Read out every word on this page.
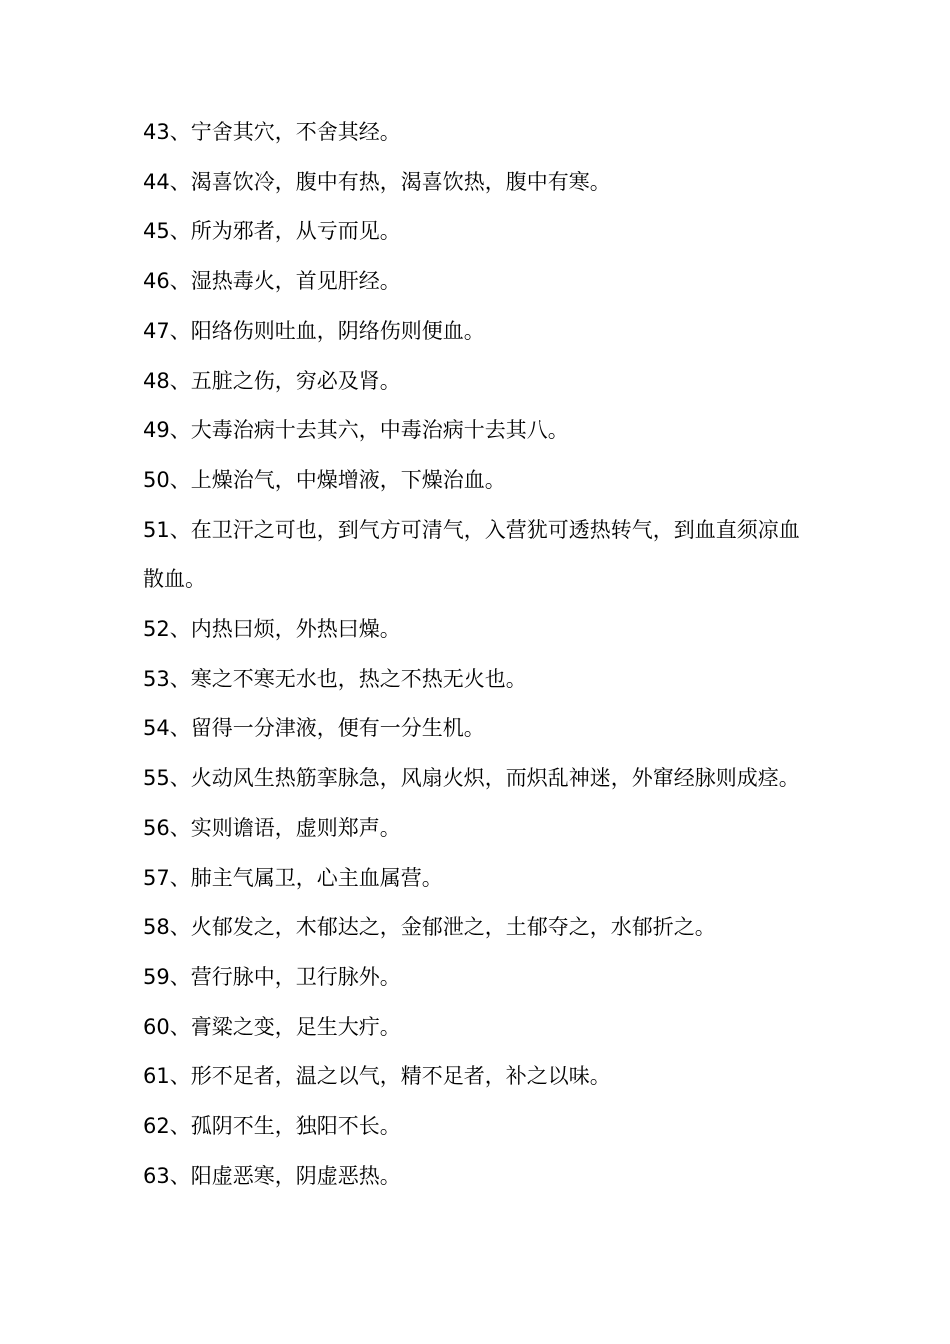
43、宁舍其穴，不舍其经。
44、渴喜饮冷，腹中有热，渴喜饮热，腹中有寒。
45、所为邪者，从亏而见。
46、湿热毒火，首见肝经。
47、阳络伤则吐血，阴络伤则便血。
48、五脏之伤，穷必及肾。
49、大毒治病十去其六，中毒治病十去其八。
50、上燥治气，中燥增液，下燥治血。
51、在卫汗之可也，到气方可清气，入营犹可透热转气，到血直须凉血
散血。
52、内热曰烦，外热曰燥。
53、寒之不寒无水也，热之不热无火也。
54、留得一分津液，便有一分生机。
55、火动风生热筋挛脉急，风扇火炽，而炽乱神迷，外窜经脉则成痉。
56、实则谵语，虚则郑声。
57、肺主气属卫，心主血属营。
58、火郁发之，木郁达之，金郁泄之，土郁夺之，水郁折之。
59、营行脉中，卫行脉外。
60、膏粱之变，足生大疔。
61、形不足者，温之以气，精不足者，补之以味。
62、孤阴不生，独阳不长。
63、阳虚恶寒，阴虚恶热。
